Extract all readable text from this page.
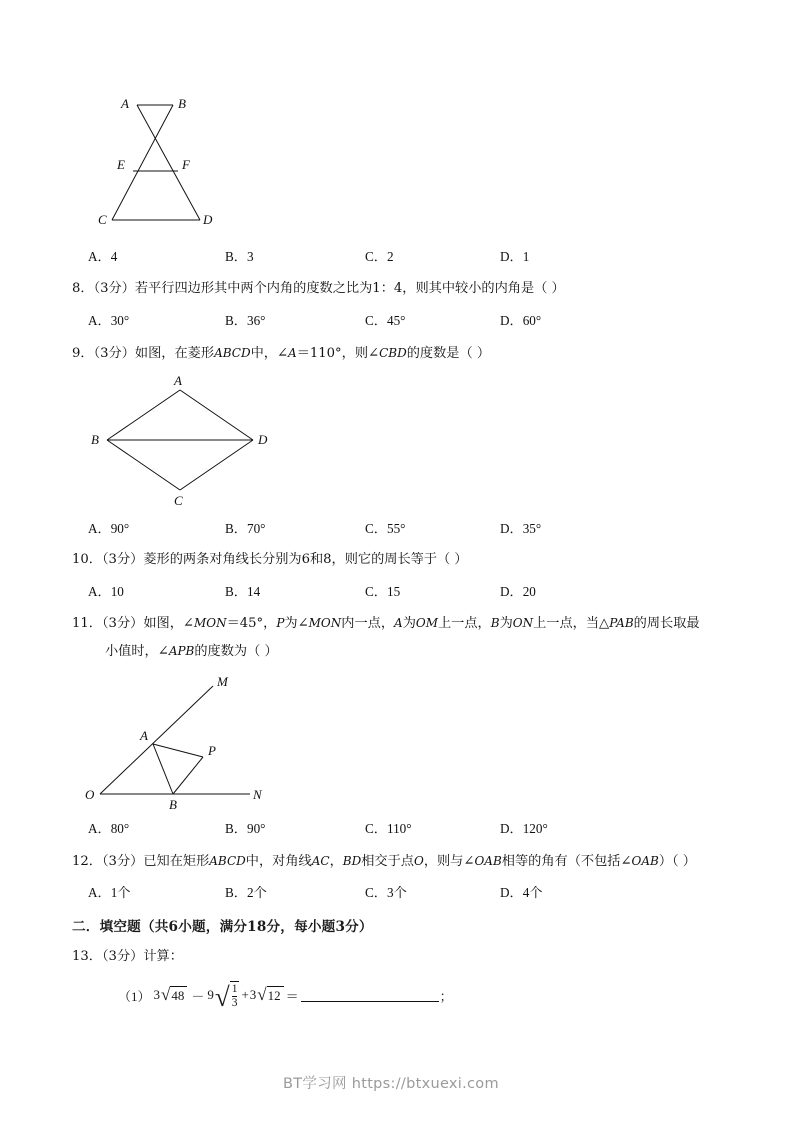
A	B
E	F
C	D
A．4	B．3	C．2	D．1
8．（3分）若平行四边形其中两个内角的度数之比为1：4，则其中较小的内角是（ ）
A．30°	B．36°	C．45°	D．60°
9．（3分）如图，在菱形ABCD中，∠A＝110°，则∠CBD的度数是（ ）
A
B
C
D
A．90°	B．70°	C．55°	D．35°
10．（3分）菱形的两条对角线长分别为6和8，则它的周长等于（ ）
A．10	B．14	C．15	D．20
11．（3分）如图，∠MON＝45°，P为∠MON内一点，A为OM上一点，B为ON上一点，当△PAB的周长取最
小值时，∠APB的度数为（ ）
M
A
P
O
B
N
A．80°	B．90°	C．110°	D．120°
12．（3分）已知在矩形ABCD中，对角线AC，BD相交于点O，则与∠OAB相等的角有（不包括∠OAB）（ ）
A．1个	B．2个	C．3个	D．4个
二．填空题（共6小题，满分18分，每小题3分）
13．（3分）计算：
（1） 3 √ 48 － 9 √ $\frac{1}{3} + 3$ √ 12 ＝	；
BT学习网 https://btxuexi.com
